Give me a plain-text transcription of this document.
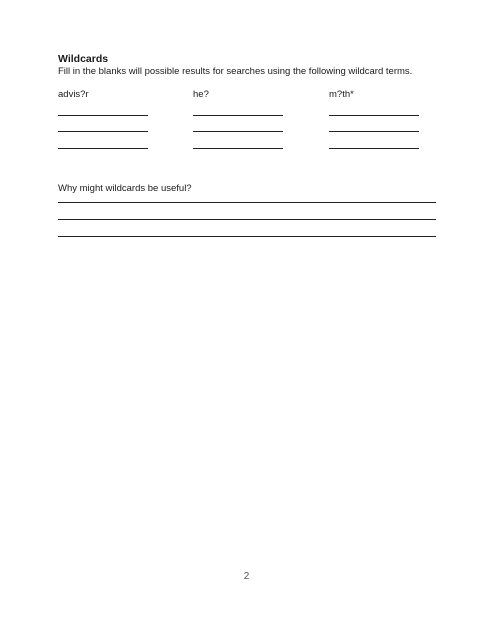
Wildcards
Fill in the blanks will possible results for searches using the following wildcard terms.
advis?r	he?	m?th*
Why might wildcards be useful?
2
